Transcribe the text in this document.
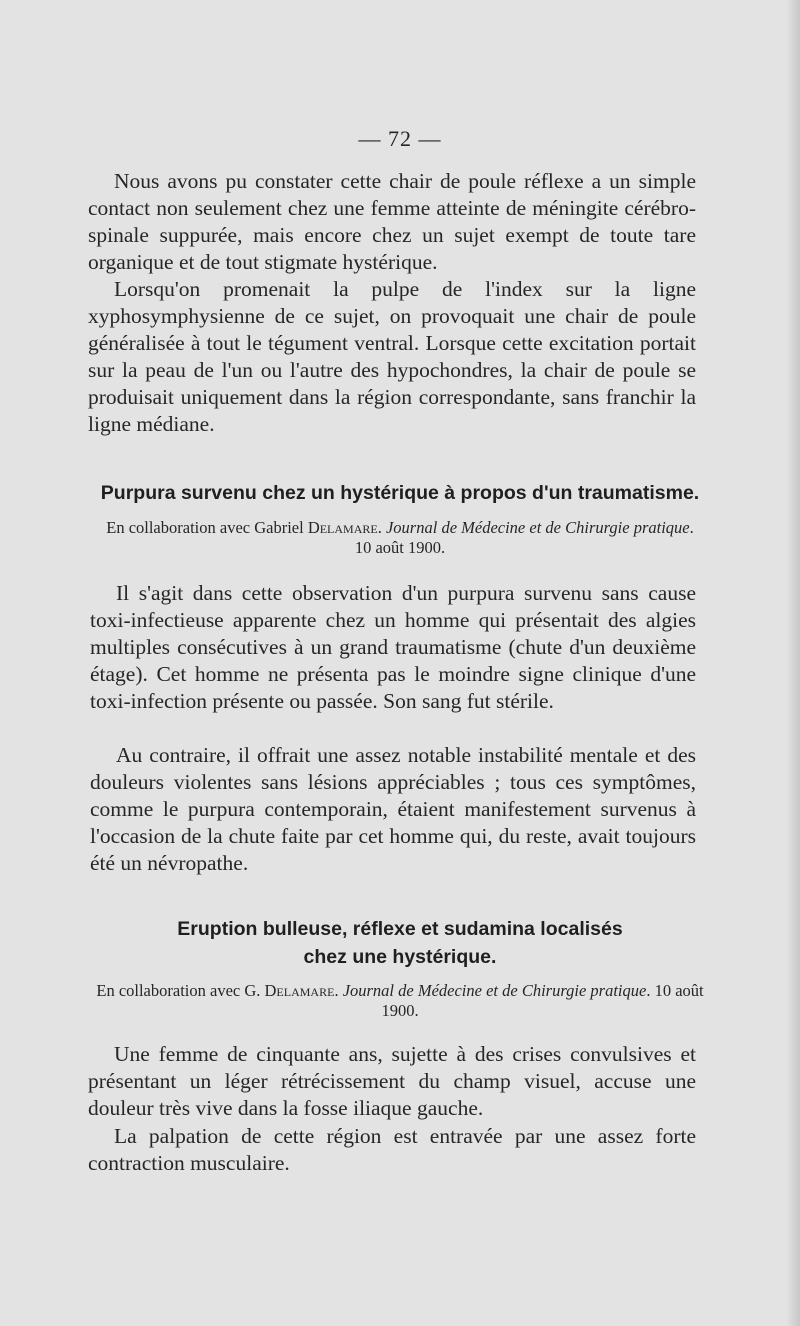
— 72 —

Nous avons pu constater cette chair de poule réflexe a un simple contact non seulement chez une femme atteinte de méningite cérébro-spinale suppurée, mais encore chez un sujet exempt de toute tare organique et de tout stigmate hystérique.

Lorsqu'on promenait la pulpe de l'index sur la ligne xyphosymphysienne de ce sujet, on provoquait une chair de poule généralisée à tout le tégument ventral. Lorsque cette excitation portait sur la peau de l'un ou l'autre des hypochondres, la chair de poule se produisait uniquement dans la région correspondante, sans franchir la ligne médiane.

Purpura survenu chez un hystérique à propos d'un traumatisme.

En collaboration avec Gabriel Delamare. Journal de Médecine et de Chirurgie pratique. 10 août 1900.

Il s'agit dans cette observation d'un purpura survenu sans cause toxi-infectieuse apparente chez un homme qui présentait des algies multiples consécutives à un grand traumatisme (chute d'un deuxième étage). Cet homme ne présenta pas le moindre signe clinique d'une toxi-infection présente ou passée. Son sang fut stérile.

Au contraire, il offrait une assez notable instabilité mentale et des douleurs violentes sans lésions appréciables ; tous ces symptômes, comme le purpura contemporain, étaient manifestement survenus à l'occasion de la chute faite par cet homme qui, du reste, avait toujours été un névropathe.

Eruption bulleuse, réflexe et sudamina localisés
chez une hystérique.

En collaboration avec G. Delamare. Journal de Médecine et de Chirurgie pratique. 10 août 1900.

Une femme de cinquante ans, sujette à des crises convulsives et présentant un léger rétrécissement du champ visuel, accuse une douleur très vive dans la fosse iliaque gauche.

La palpation de cette région est entravée par une assez forte contraction musculaire.
